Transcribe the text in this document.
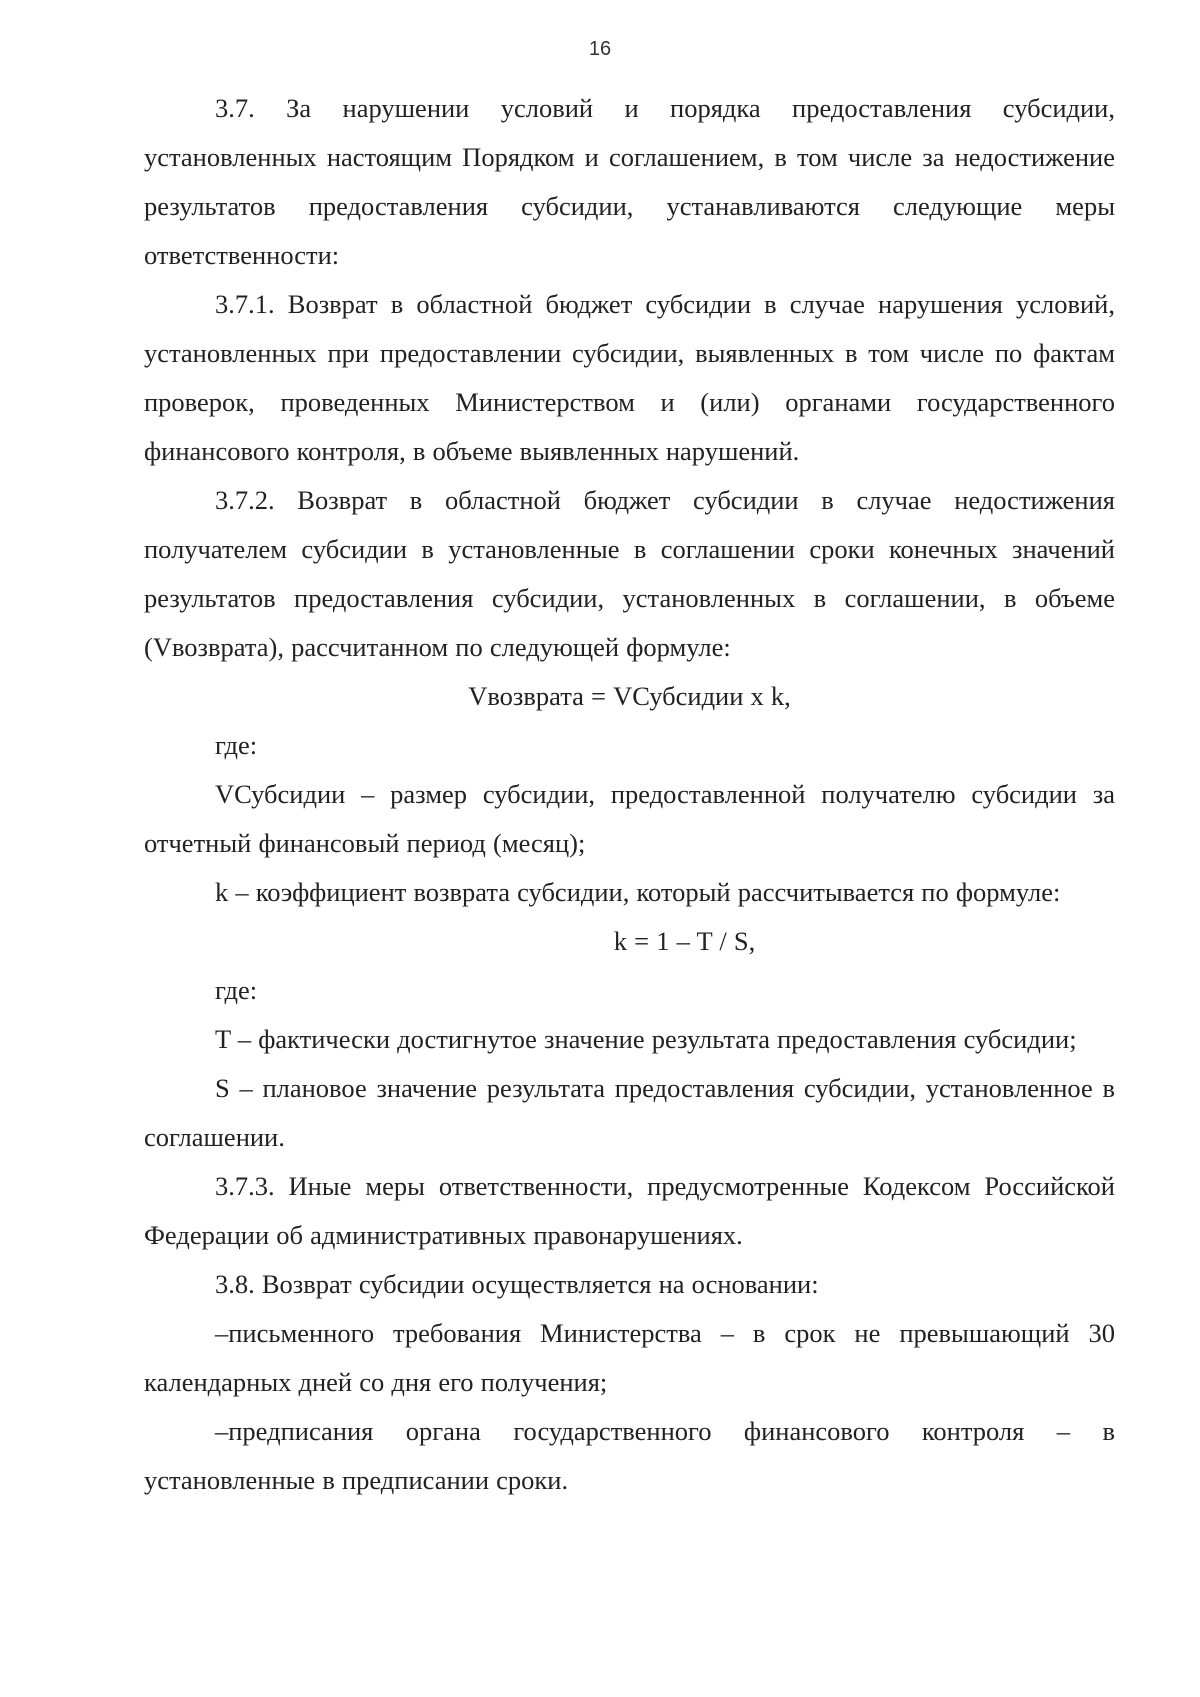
16

3.7. За нарушении условий и порядка предоставления субсидии, установленных настоящим Порядком и соглашением, в том числе за недостижение результатов предоставления субсидии, устанавливаются следующие меры ответственности:

3.7.1. Возврат в областной бюджет субсидии в случае нарушения условий, установленных при предоставлении субсидии, выявленных в том числе по фактам проверок, проведенных Министерством и (или) органами государственного финансового контроля, в объеме выявленных нарушений.

3.7.2. Возврат в областной бюджет субсидии в случае недостижения получателем субсидии в установленные в соглашении сроки конечных значений результатов предоставления субсидии, установленных в соглашении, в объеме (Vвозврата), рассчитанном по следующей формуле:

Vвозврата = VСубсидии x k,

где:

VСубсидии – размер субсидии, предоставленной получателю субсидии за отчетный финансовый период (месяц);

k – коэффициент возврата субсидии, который рассчитывается по формуле:

k = 1 – T / S,

где:

T – фактически достигнутое значение результата предоставления субсидии;

S – плановое значение результата предоставления субсидии, установленное в соглашении.

3.7.3. Иные меры ответственности, предусмотренные Кодексом Российской Федерации об административных правонарушениях.

3.8. Возврат субсидии осуществляется на основании:

–письменного требования Министерства – в срок не превышающий 30 календарных дней со дня его получения;

–предписания органа государственного финансового контроля – в установленные в предписании сроки.
